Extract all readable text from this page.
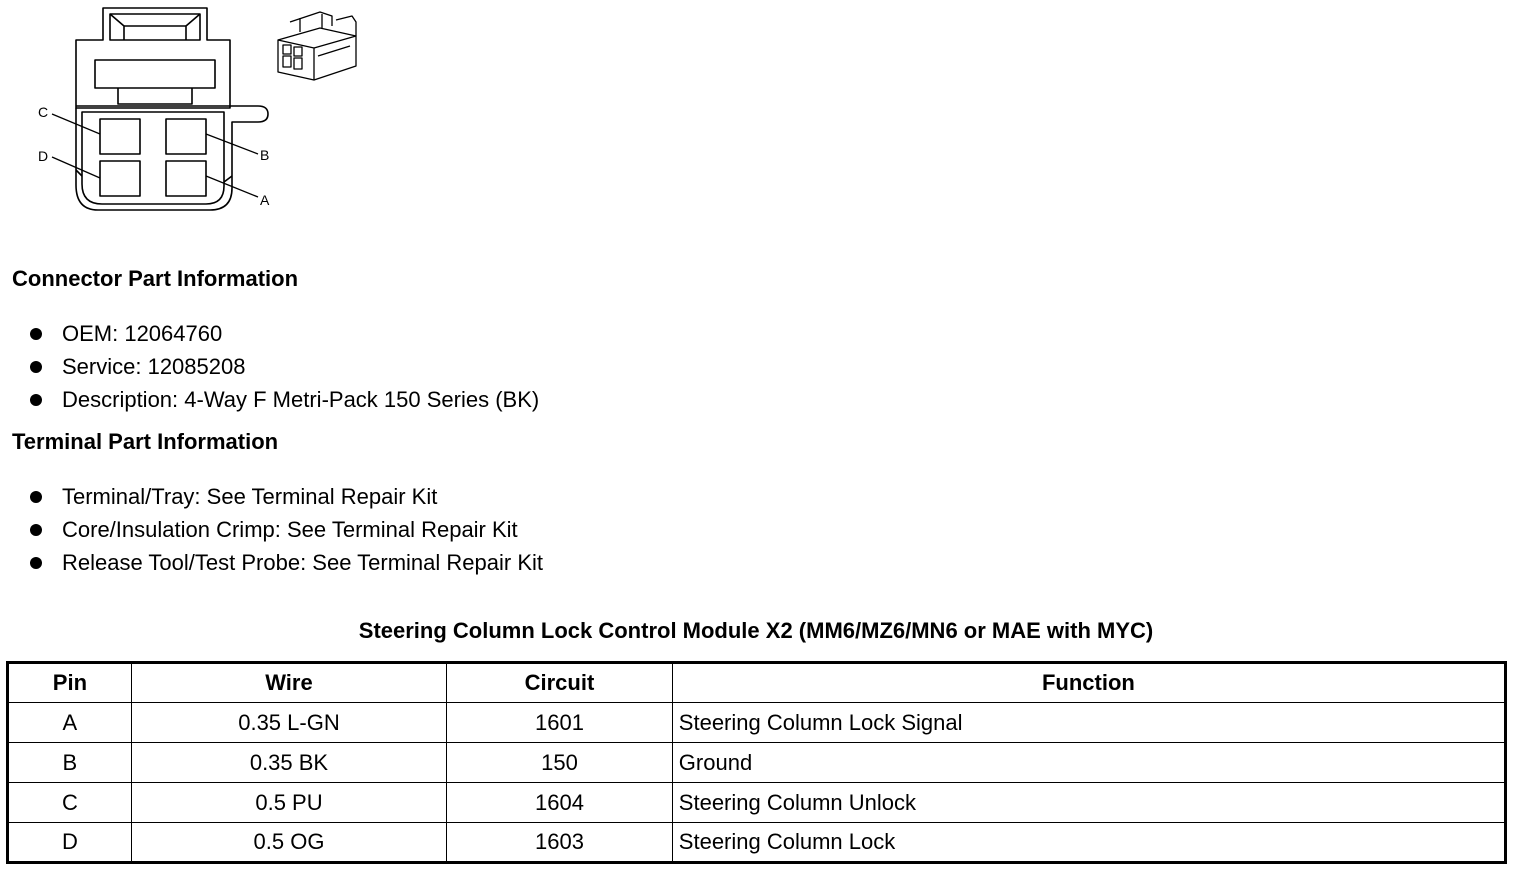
C
D	B
A
Connector Part Information
OEM: 12064760
Service: 12085208
Description: 4-Way F Metri-Pack 150 Series (BK)
Terminal Part Information
Terminal/Tray: See Terminal Repair Kit
Core/Insulation Crimp: See Terminal Repair Kit
Release Tool/Test Probe: See Terminal Repair Kit
Steering Column Lock Control Module X2 (MM6/MZ6/MN6 or MAE with MYC)
Pin	Wire	Circuit	Function
A	0.35 L-GN	1601	Steering Column Lock Signal
B	0.35 BK	150	Ground
C	0.5 PU	1604	Steering Column Unlock
D	0.5 OG	1603	Steering Column Lock
